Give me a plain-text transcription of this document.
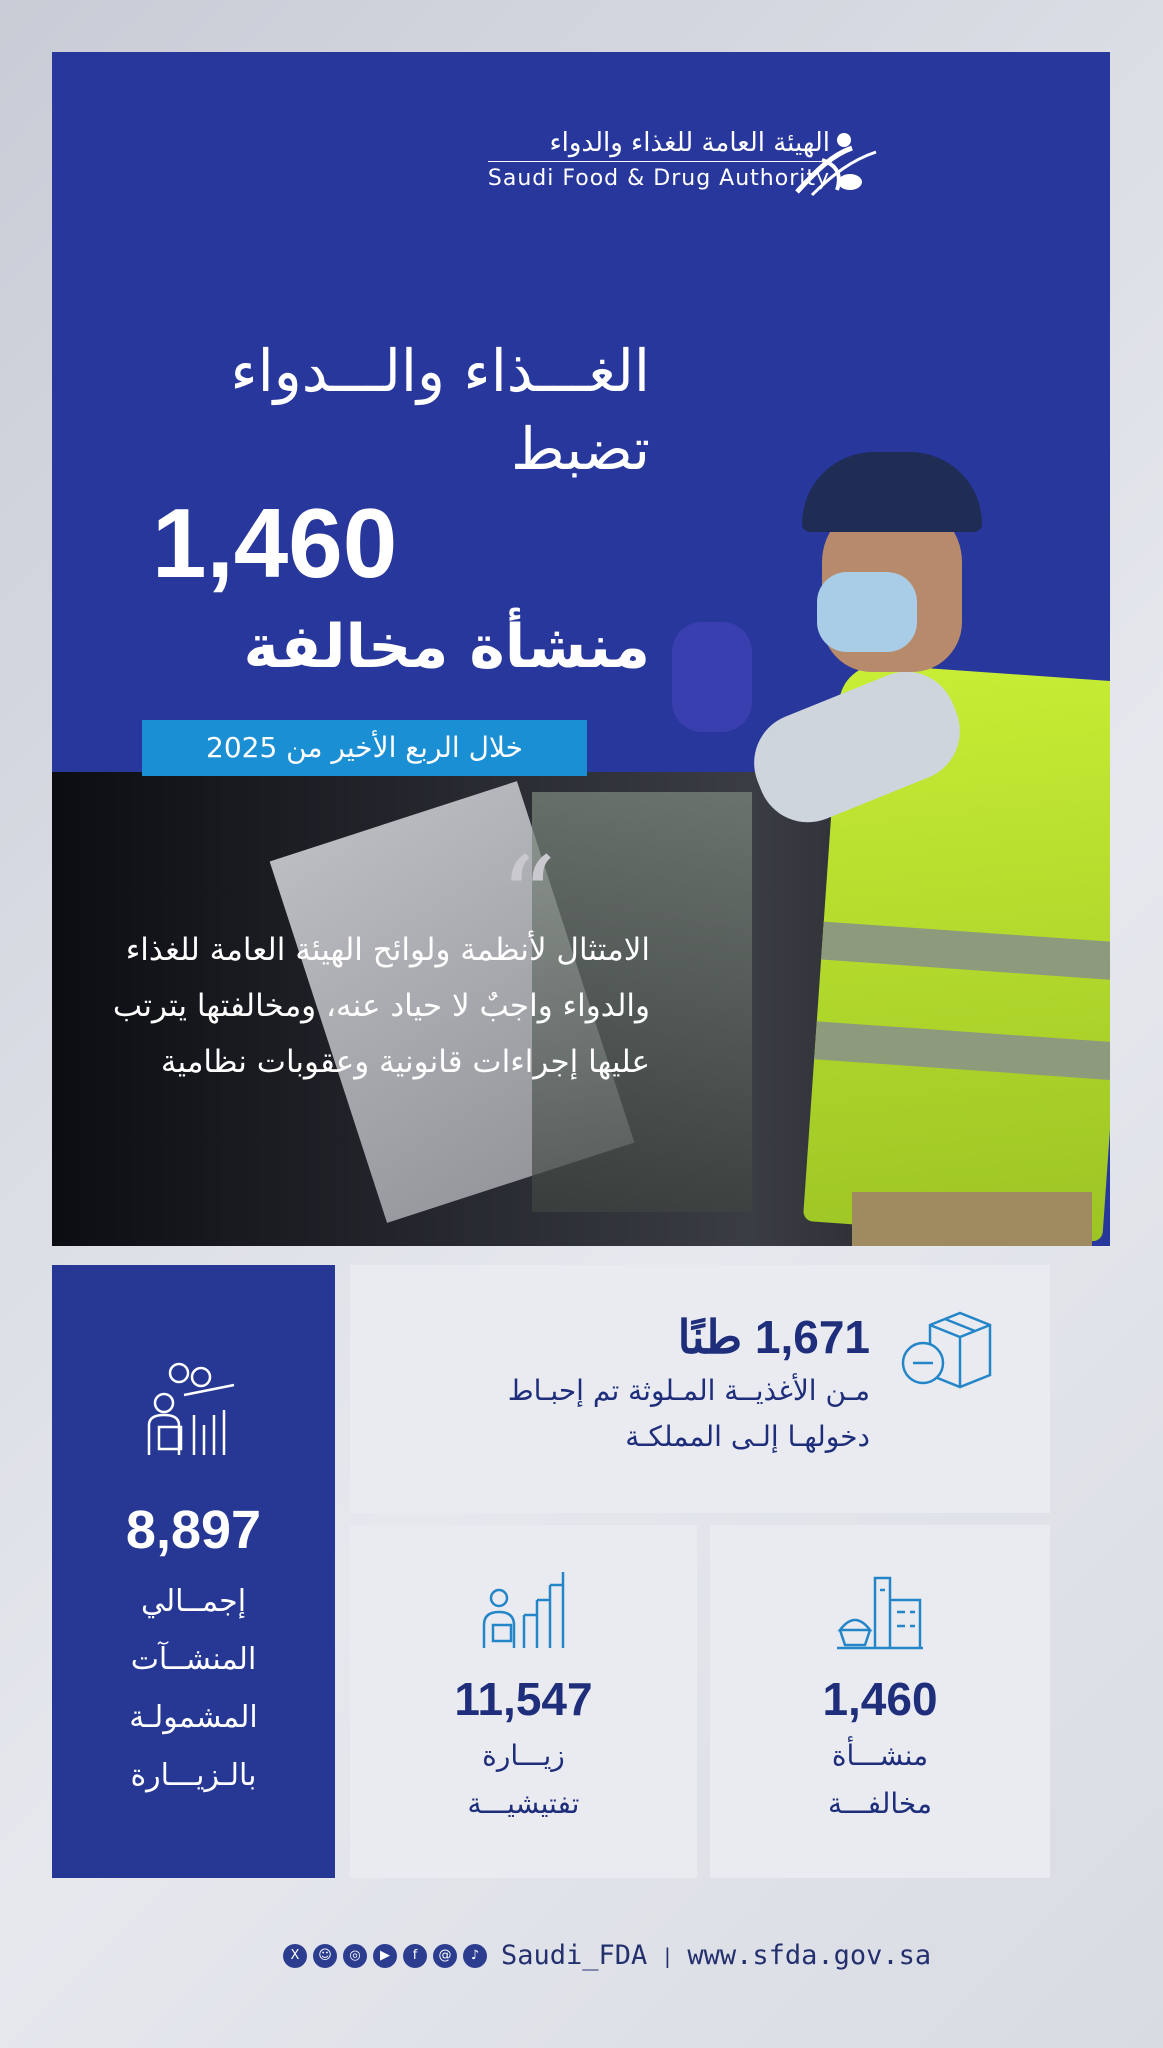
الهيئة العامة للغذاء والدواء
Saudi Food & Drug Authority
الغـــذاء والـــدواء
تضبط
1,460
منشأة مخالفة
خلال الربع الأخير من 2025
“
الامتثال لأنظمة ولوائح الهيئة العامة للغذاء والدواء واجبٌ لا حياد عنه، ومخالفتها يترتب عليها إجراءات قانونية وعقوبات نظامية
8,897
إجمــالي
المنشــآت
المشمولـة
بالـزيـــارة
1,671 طنًا
مـن الأغذيــة المـلوثة تم إحبـاط
دخولهـا إلـى المملكـة
11,547
زيـــارة
تفتيشيـــة
1,460
منشـــأة
مخالفـــة
X	☺	◎	▶	f	@	♪ Saudi_FDA | www.sfda.gov.sa
